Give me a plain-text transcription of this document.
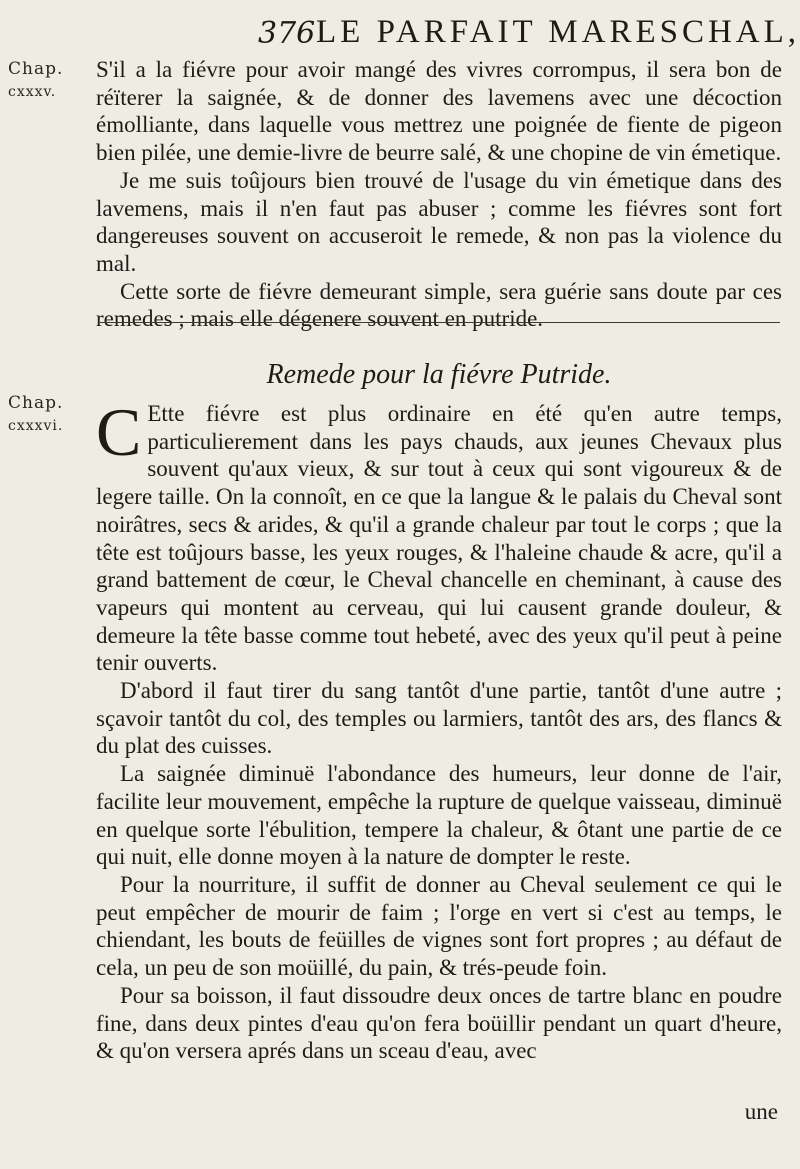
376 LE PARFAIT MARESCHAL,
Chap.
cxxxv.
Chap.
cxxxvi.

S'il a la fiévre pour avoir mangé des vivres corrompus, il sera bon de réïterer la saignée, & de donner des lavemens avec une décoction émolliante, dans laquelle vous mettrez une poignée de fiente de pigeon bien pilée, une demie-livre de beurre salé, & une chopine de vin émetique.

Je me suis toûjours bien trouvé de l'usage du vin émetique dans des lavemens, mais il n'en faut pas abuser ; comme les fiévres sont fort dangereuses souvent on accuseroit le remede, & non pas la violence du mal.

Cette sorte de fiévre demeurant simple, sera guérie sans doute par ces remedes ; mais elle dégenere souvent en putride.

Remede pour la fiévre Putride.

C Ette fiévre est plus ordinaire en été qu'en autre temps, particulierement dans les pays chauds, aux jeunes Chevaux plus souvent qu'aux vieux, & sur tout à ceux qui sont vigoureux & de legere taille. On la connoît, en ce que la langue & le palais du Cheval sont noirâtres, secs & arides, & qu'il a grande chaleur par tout le corps ; que la tête est toûjours basse, les yeux rouges, & l'haleine chaude & acre, qu'il a grand battement de cœur, le Cheval chancelle en cheminant, à cause des vapeurs qui montent au cerveau, qui lui causent grande douleur, & demeure la tête basse comme tout hebeté, avec des yeux qu'il peut à peine tenir ouverts.

D'abord il faut tirer du sang tantôt d'une partie, tantôt d'une autre ; sçavoir tantôt du col, des temples ou larmiers, tantôt des ars, des flancs & du plat des cuisses.

La saignée diminuë l'abondance des humeurs, leur donne de l'air, facilite leur mouvement, empêche la rupture de quelque vaisseau, diminuë en quelque sorte l'ébulition, tempere la chaleur, & ôtant une partie de ce qui nuit, elle donne moyen à la nature de dompter le reste.

Pour la nourriture, il suffit de donner au Cheval seulement ce qui le peut empêcher de mourir de faim ; l'orge en vert si c'est au temps, le chiendant, les bouts de feüilles de vignes sont fort propres ; au défaut de cela, un peu de son moüillé, du pain, & trés-peude foin.

Pour sa boisson, il faut dissoudre deux onces de tartre blanc en poudre fine, dans deux pintes d'eau qu'on fera boüillir pendant un quart d'heure, & qu'on versera aprés dans un sceau d'eau, avec

une
